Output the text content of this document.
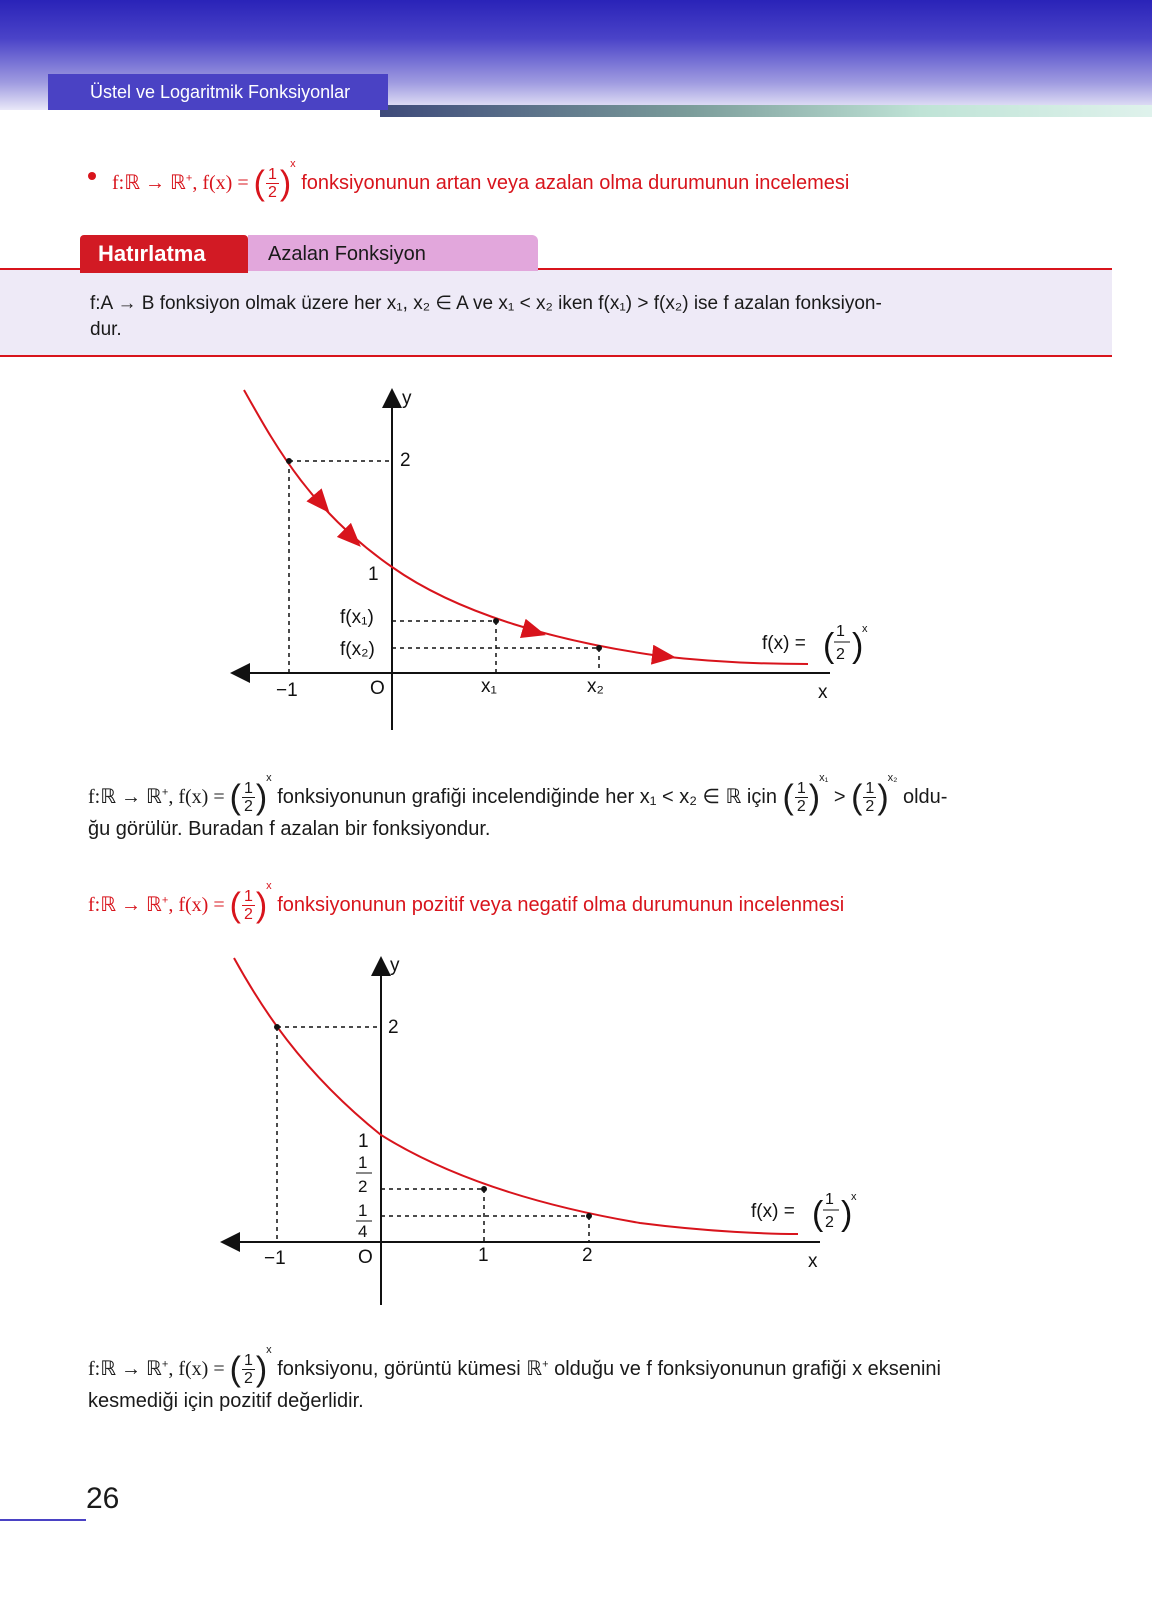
Üstel ve Logaritmik Fonksiyonlar
f:ℝ → ℝ+, f(x) = ( $\frac{1}{2} )^x$ fonksiyonunun artan veya azalan olma durumunun incelemesi
Hatırlatma	Azalan Fonksiyon
f:A → B fonksiyon olmak üzere her x₁, x₂ ∈ A ve x₁ < x₂ iken f(x₁) > f(x₂) ise f azalan fonksiyon-
dur.
y
x
O
2
1
f(x₁)
f(x₂)
−1	x₁	x₂
f(x) = ( 1
2 )
x
f:ℝ → ℝ+, f(x) = ( $\frac{1}{2} )^x$ fonksiyonunun grafiği incelendiğinde her x₁ < x₂ ∈ ℝ için ( $\frac{1}{2} )^{x_1}$ > ( $\frac{1}{2} )^{x_2}$ oldu-
ğu görülür. Buradan f azalan bir fonksiyondur.
f:ℝ → ℝ+, f(x) = ( $\frac{1}{2} )^x$ fonksiyonunun pozitif veya negatif olma durumunun incelenmesi
y
x
O
2
1
1
2
1
4
−1	1	2
f(x) = ( 1
2 )
x
f:ℝ → ℝ+, f(x) = ( $\frac{1}{2} )^x$ fonksiyonu, görüntü kümesi ℝ+ olduğu ve f fonksiyonunun grafiği x eksenini
kesmediği için pozitif değerlidir.
26
